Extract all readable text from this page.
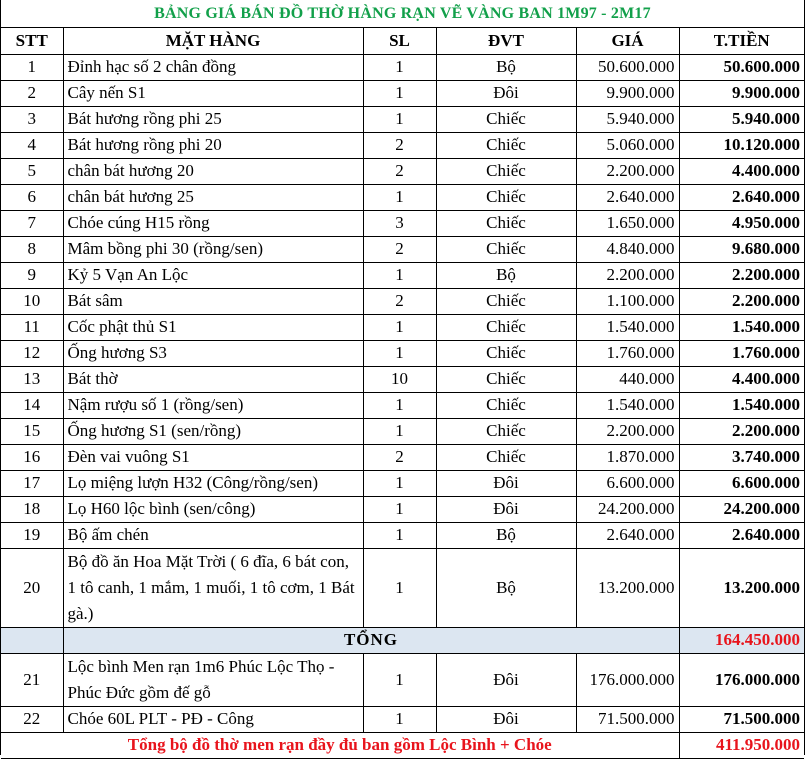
BẢNG GIÁ BÁN ĐỒ THỜ HÀNG RẠN VẼ VÀNG BAN 1M97 - 2M17
STT	MẶT HÀNG	SL	ĐVT	GIÁ	T.TIỀN
1	Đỉnh hạc số 2 chân đồng	1	Bộ	50.600.000	50.600.000
2	Cây nến S1	1	Đôi	9.900.000	9.900.000
3	Bát hương rồng phi 25	1	Chiếc	5.940.000	5.940.000
4	Bát hương rồng phi 20	2	Chiếc	5.060.000	10.120.000
5	chân bát hương 20	2	Chiếc	2.200.000	4.400.000
6	chân bát hương 25	1	Chiếc	2.640.000	2.640.000
7	Chóe cúng H15 rồng	3	Chiếc	1.650.000	4.950.000
8	Mâm bồng phi 30 (rồng/sen)	2	Chiếc	4.840.000	9.680.000
9	Kỷ 5 Vạn An Lộc	1	Bộ	2.200.000	2.200.000
10	Bát sâm	2	Chiếc	1.100.000	2.200.000
11	Cốc phật thủ S1	1	Chiếc	1.540.000	1.540.000
12	Ống hương S3	1	Chiếc	1.760.000	1.760.000
13	Bát thờ	10	Chiếc	440.000	4.400.000
14	Nậm rượu số 1 (rồng/sen)	1	Chiếc	1.540.000	1.540.000
15	Ống hương S1 (sen/rồng)	1	Chiếc	2.200.000	2.200.000
16	Đèn vai vuông S1	2	Chiếc	1.870.000	3.740.000
17	Lọ miệng lượn H32 (Công/rồng/sen)	1	Đôi	6.600.000	6.600.000
18	Lọ H60 lộc bình (sen/công)	1	Đôi	24.200.000	24.200.000
19	Bộ ấm chén	1	Bộ	2.640.000	2.640.000
20	Bộ đồ ăn Hoa Mặt Trời ( 6 đĩa, 6 bát con, 1 tô canh, 1 mắm, 1 muối, 1 tô cơm, 1 Bát gà.)	1	Bộ	13.200.000	13.200.000
	TỔNG				164.450.000
21	Lộc bình Men rạn 1m6 Phúc Lộc Thọ - Phúc Đức gồm đế gỗ	1	Đôi	176.000.000	176.000.000
22	Chóe 60L PLT - PĐ - Công	1	Đôi	71.500.000	71.500.000
Tổng bộ đồ thờ men rạn đầy đủ ban gồm Lộc Bình + Chóe					411.950.000
